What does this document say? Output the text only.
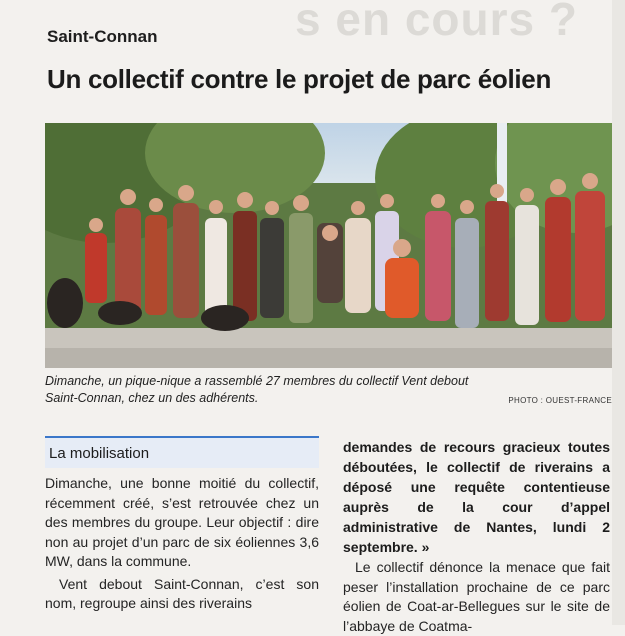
s en cours ?
Saint-Connan
Un collectif contre le projet de parc éolien
Dimanche, un pique-nique a rassemblé 27 membres du collectif Vent debout Saint-Connan, chez un des adhérents.	PHOTO : OUEST-FRANCE
La mobilisation

Dimanche, une bonne moitié du collectif, récemment créé, s’est retrouvée chez un des membres du groupe. Leur objectif : dire non au projet d’un parc de six éoliennes 3,6 MW, dans la commune.

Vent debout Saint-Connan, c’est son nom, regroupe ainsi des riverains

demandes de recours gracieux toutes déboutées, le collectif de riverains a déposé une requête contentieuse auprès de la cour d’appel administrative de Nantes, lundi 2 septembre. »

Le collectif dénonce la menace que fait peser l’installation prochaine de ce parc éolien de Coat-ar-Bellegues sur le site de l’abbaye de Coatma-
